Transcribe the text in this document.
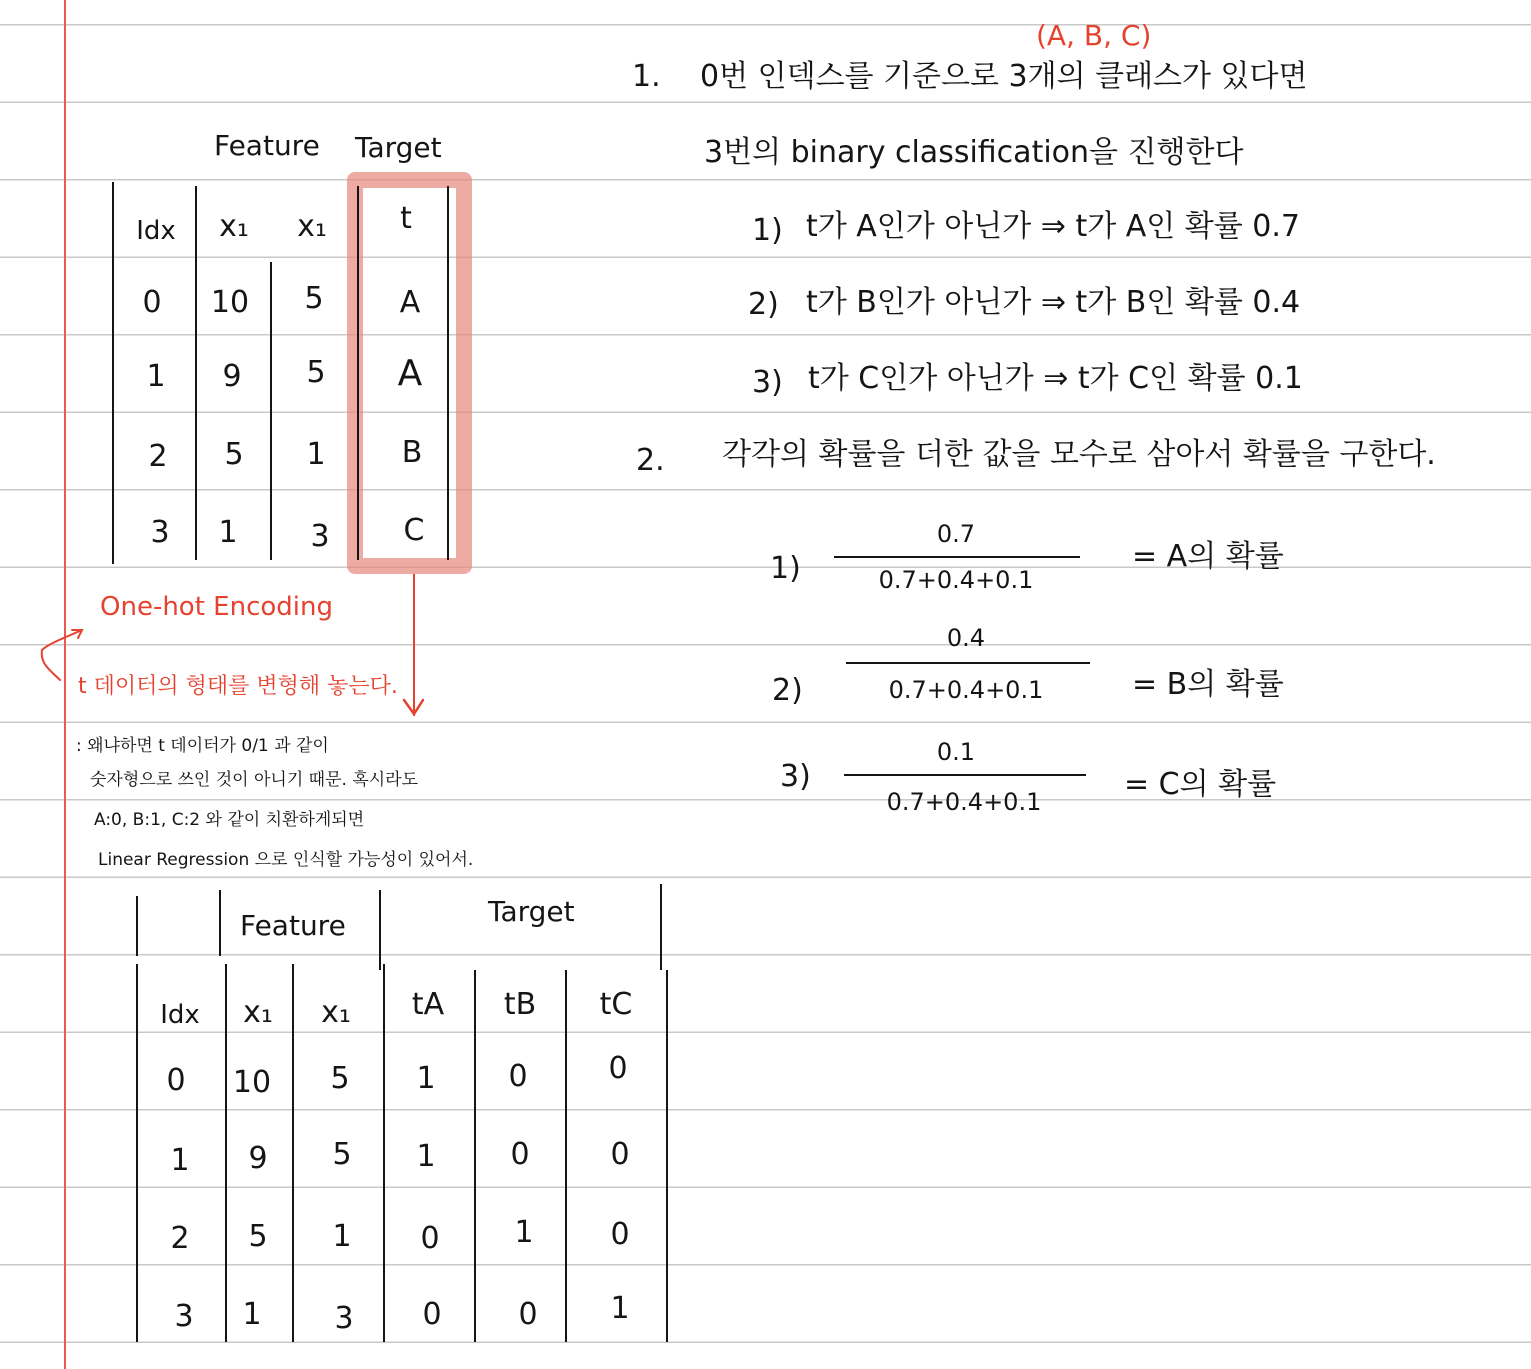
Feature Target
Idx	x₁	x₁	t
0	10	5	A
1	9	5	A
2	5	1	B
3	1	3	C
One-hot Encoding
t 데이터의 형태를 변형해 놓는다.
: 왜냐하면 t 데이터가 0/1 과 같이
숫자형으로 쓰인 것이 아니기 때문. 혹시라도
A:0, B:1, C:2 와 같이 치환하게되면
Linear Regression 으로 인식할 가능성이 있어서.
Feature	Target
Idx	x₁	x₁	tA	tB	tC
0	10	5	1	0	0
1	9	5	1	0	0
2	5	1	0	1	0
3	1	3	0	0	1
(A, B, C)
1. 0번 인덱스를 기준으로 3개의 클래스가 있다면
3번의 binary classification을 진행한다
1) t가 A인가 아닌가 ⇒ t가 A인 확률 0.7
2) t가 B인가 아닌가 ⇒ t가 B인 확률 0.4
3) t가 C인가 아닌가 ⇒ t가 C인 확률 0.1
2. 각각의 확률을 더한 값을 모수로 삼아서 확률을 구한다.
1)
0.7
0.7+0.4+0.1
= A의 확률
2)
0.4
0.7+0.4+0.1	= B의 확률
3)
0.1
0.7+0.4+0.1	= C의 확률
